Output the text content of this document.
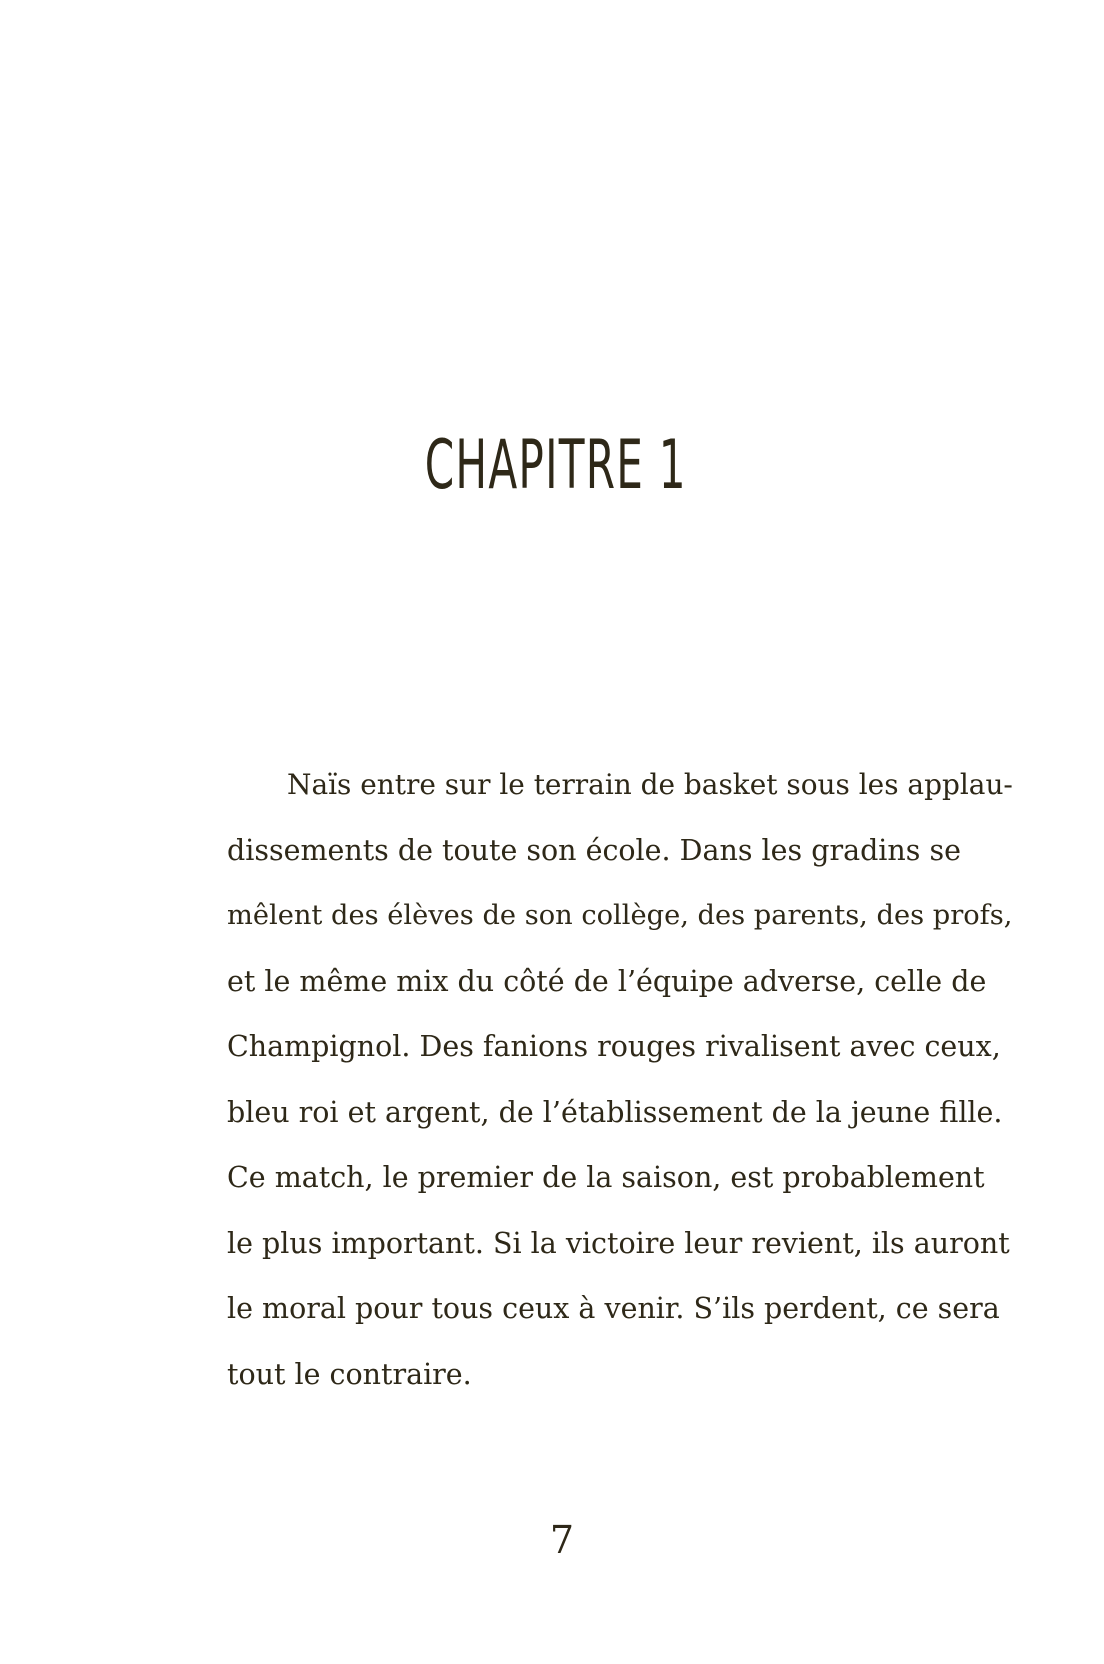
CHAPITRE 1
Naïs entre sur le terrain de basket sous les applau-
dissements de toute son école. Dans les gradins se
mêlent des élèves de son collège, des parents, des profs,
et le même mix du côté de l’équipe adverse, celle de
Champignol. Des fanions rouges rivalisent avec ceux,
bleu roi et argent, de l’établissement de la jeune fille.
Ce match, le premier de la saison, est probablement
le plus important. Si la victoire leur revient, ils auront
le moral pour tous ceux à venir. S’ils perdent, ce sera
tout le contraire.
7
